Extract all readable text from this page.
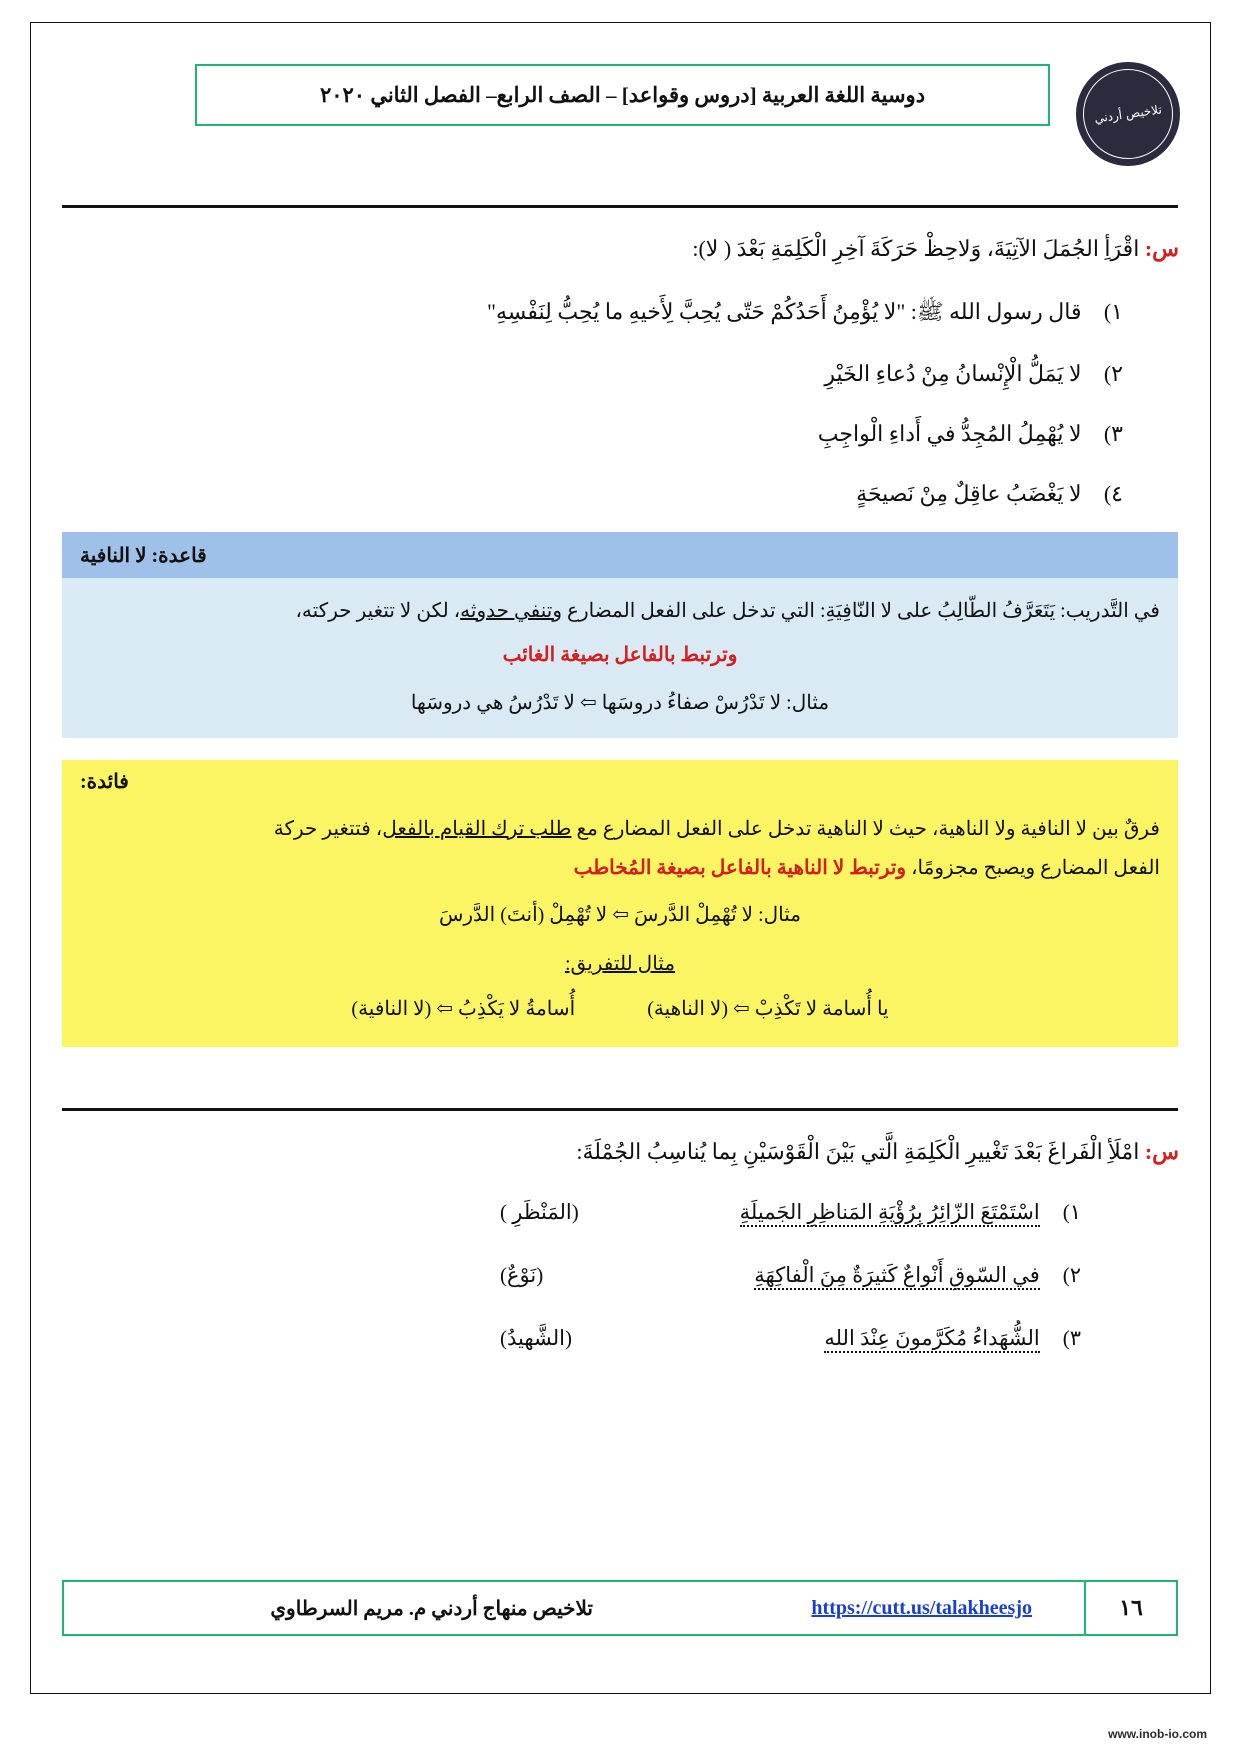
تلاخيص أردني
دوسية اللغة العربية [دروس وقواعد] – الصف الرابع– الفصل الثاني ٢٠٢٠
س: اقْرَأِ الجُمَلَ الآتِيَةَ، وَلاحِظْ حَرَكَةَ آخِرِ الْكَلِمَةِ بَعْدَ ( لا):
١) قال رسول الله ﷺ: "لا يُؤْمِنُ أَحَدُكُمْ حَتّى يُحِبَّ لِأَخيهِ ما يُحِبُّ لِنَفْسِهِ"
٢) لا يَمَلُّ الْإِنْسانُ مِنْ دُعاءِ الخَيْرِ
٣) لا يُهْمِلُ المُجِدُّ في أَداءِ الْواجِبِ
٤) لا يَغْضَبُ عاقِلٌ مِنْ نَصيحَةٍ
قاعدة: لا النافية
في التَّدريب: يَتَعَرَّفُ الطّالِبُ على لا النّافِيَةِ: التي تدخل على الفعل المضارع وتنفي حدوثه، لكن لا تتغير حركته،
وترتبط بالفاعل بصيغة الغائب
مثال: لا تَدْرُسْ صفاءُ دروسَها ⇦ لا تَدْرُسُ هي دروسَها
فائدة:
فرقٌ بين لا النافية ولا الناهية، حيث لا الناهية تدخل على الفعل المضارع مع طلب ترك القيام بالفعل، فتتغير حركة
الفعل المضارع ويصبح مجزومًا، وترتبط لا الناهية بالفاعل بصيغة المُخاطب
مثال: لا تُهْمِلْ الدَّرسَ ⇦ لا تُهْمِلْ (أنتَ) الدَّرسَ
مثال للتفريق:
يا أُسامة لا تَكْذِبْ ⇦ (لا الناهية)
أُسامةُ لا يَكْذِبُ ⇦ (لا النافية)
س: امْلَأِ الْفَراغَ بَعْدَ تَغْييرِ الْكَلِمَةِ الَّتي بَيْنَ الْقَوْسَيْنِ بِما يُناسِبُ الجُمْلَةَ:
١) اسْتَمْتَعَ الزّائِرُ بِرُؤْيَةِ المَناظِرِ الجَميلَةِ
(المَنْظَرِ )
٢) في السّوقِ أَنْواعٌ كَثيرَةٌ مِنَ الْفاكِهَةِ
(نَوْعٌ)
٣) الشُّهَداءُ مُكَرَّمونَ عِنْدَ الله
(الشَّهيدُ)
تلاخيص منهاج أردني م. مريم السرطاوي	https://cutt.us/talakheesjo	١٦
www.inob-io.com
